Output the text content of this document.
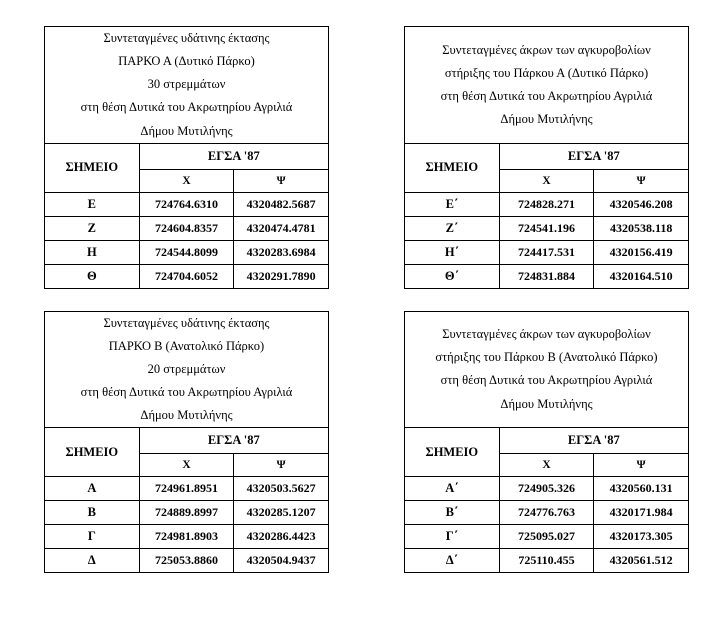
Συντεταγμένες υδάτινης έκτασης
ΠΑΡΚΟ Α (Δυτικό Πάρκο)
30 στρεμμάτων
στη θέση Δυτικά του Ακρωτηρίου Αγριλιά
Δήμου Μυτιλήνης		

ΣΗΜΕΙΟ	ΕΓΣΑ '87	
	Χ	Ψ
Ε	724764.6310	4320482.5687
Ζ	724604.8357	4320474.4781
Η	724544.8099	4320283.6984
Θ	724704.6052	4320291.7890
Συντεταγμένες άκρων των αγκυροβολίων
στήριξης του Πάρκου Α (Δυτικό Πάρκο)
στη θέση Δυτικά του Ακρωτηρίου Αγριλιά
Δήμου Μυτιλήνης		

ΣΗΜΕΙΟ	ΕΓΣΑ '87	
	Χ	Ψ
Ε΄	724828.271	4320546.208
Ζ΄	724541.196	4320538.118
Η΄	724417.531	4320156.419
Θ΄	724831.884	4320164.510
Συντεταγμένες υδάτινης έκτασης
ΠΑΡΚΟ Β (Ανατολικό Πάρκο)
20 στρεμμάτων
στη θέση Δυτικά του Ακρωτηρίου Αγριλιά
Δήμου Μυτιλήνης		

ΣΗΜΕΙΟ	ΕΓΣΑ '87	
	Χ	Ψ
Α	724961.8951	4320503.5627
Β	724889.8997	4320285.1207
Γ	724981.8903	4320286.4423
Δ	725053.8860	4320504.9437
Συντεταγμένες άκρων των αγκυροβολίων
στήριξης του Πάρκου Β (Ανατολικό Πάρκο)
στη θέση Δυτικά του Ακρωτηρίου Αγριλιά
Δήμου Μυτιλήνης		

ΣΗΜΕΙΟ	ΕΓΣΑ '87	
	Χ	Ψ
Α΄	724905.326	4320560.131
Β΄	724776.763	4320171.984
Γ΄	725095.027	4320173.305
Δ΄	725110.455	4320561.512
